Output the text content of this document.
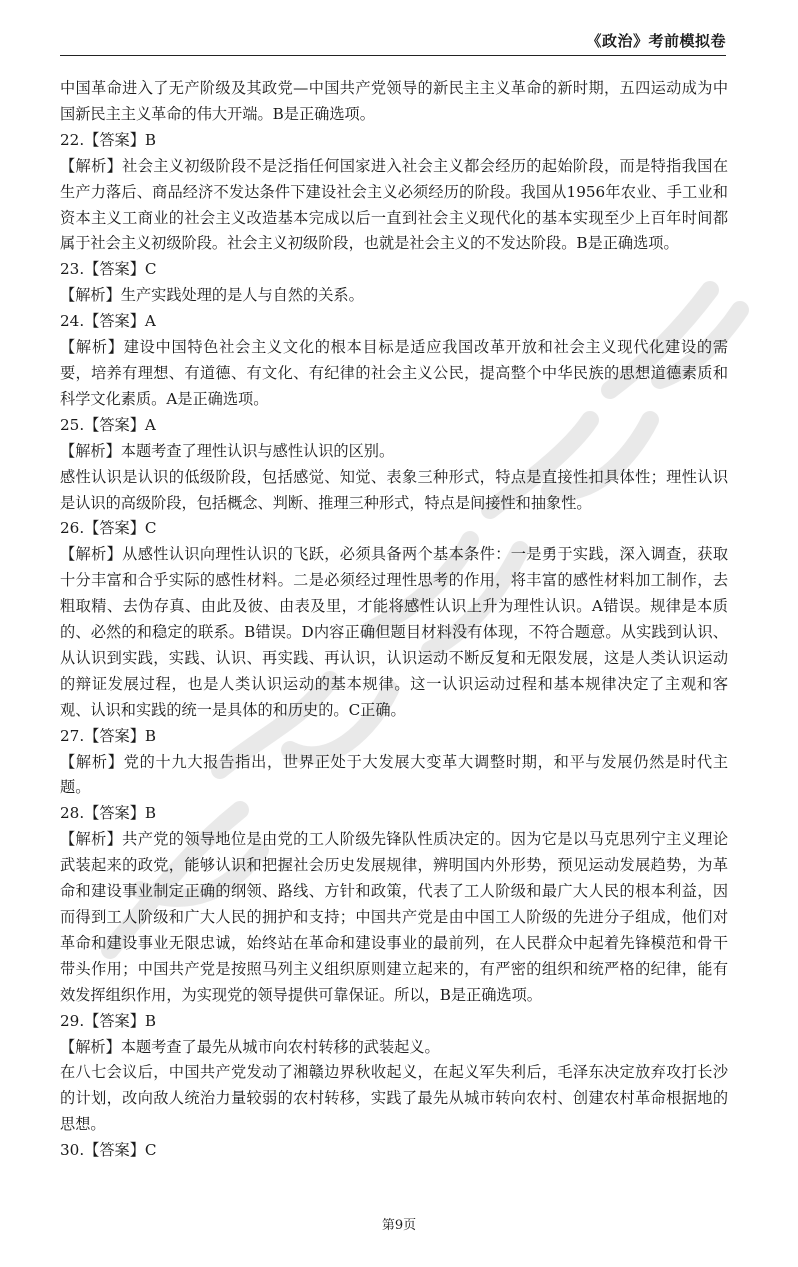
《政治》考前模拟卷

中国革命进入了无产阶级及其政党—中国共产党领导的新民主主义革命的新时期，五四运动成为中国新民主主义革命的伟大开端。B是正确选项。

22.【答案】B

【解析】社会主义初级阶段不是泛指任何国家进入社会主义都会经历的起始阶段，而是特指我国在生产力落后、商品经济不发达条件下建设社会主义必须经历的阶段。我国从1956年农业、手工业和资本主义工商业的社会主义改造基本完成以后一直到社会主义现代化的基本实现至少上百年时间都属于社会主义初级阶段。社会主义初级阶段，也就是社会主义的不发达阶段。B是正确选项。

23.【答案】C

【解析】生产实践处理的是人与自然的关系。

24.【答案】A

【解析】建设中国特色社会主义文化的根本目标是适应我国改革开放和社会主义现代化建设的需要，培养有理想、有道德、有文化、有纪律的社会主义公民，提高整个中华民族的思想道德素质和科学文化素质。A是正确选项。

25.【答案】A

【解析】本题考查了理性认识与感性认识的区别。

感性认识是认识的低级阶段，包括感觉、知觉、表象三种形式，特点是直接性扣具体性；理性认识是认识的高级阶段，包括概念、判断、推理三种形式，特点是间接性和抽象性。

26.【答案】C

【解析】从感性认识向理性认识的飞跃，必须具备两个基本条件：一是勇于实践，深入调查，获取十分丰富和合乎实际的感性材料。二是必须经过理性思考的作用，将丰富的感性材料加工制作，去粗取精、去伪存真、由此及彼、由表及里，才能将感性认识上升为理性认识。A错误。规律是本质的、必然的和稳定的联系。B错误。D内容正确但题目材料没有体现，不符合题意。从实践到认识、从认识到实践，实践、认识、再实践、再认识，认识运动不断反复和无限发展，这是人类认识运动的辩证发展过程，也是人类认识运动的基本规律。这一认识运动过程和基本规律决定了主观和客观、认识和实践的统一是具体的和历史的。C正确。

27.【答案】B

【解析】党的十九大报告指出，世界正处于大发展大变革大调整时期，和平与发展仍然是时代主题。

28.【答案】B

【解析】共产党的领导地位是由党的工人阶级先锋队性质决定的。因为它是以马克思列宁主义理论武装起来的政党，能够认识和把握社会历史发展规律，辨明国内外形势，预见运动发展趋势，为革命和建设事业制定正确的纲领、路线、方针和政策，代表了工人阶级和最广大人民的根本利益，因而得到工人阶级和广大人民的拥护和支持；中国共产党是由中国工人阶级的先进分子组成，他们对革命和建设事业无限忠诚，始终站在革命和建设事业的最前列，在人民群众中起着先锋模范和骨干带头作用；中国共产党是按照马列主义组织原则建立起来的，有严密的组织和统严格的纪律，能有效发挥组织作用，为实现党的领导提供可靠保证。所以，B是正确选项。

29.【答案】B

【解析】本题考查了最先从城市向农村转移的武装起义。

在八七会议后，中国共产党发动了湘赣边界秋收起义，在起义军失利后，毛泽东决定放弃攻打长沙的计划，改向敌人统治力量较弱的农村转移，实践了最先从城市转向农村、创建农村革命根据地的思想。

30.【答案】C

第9页
